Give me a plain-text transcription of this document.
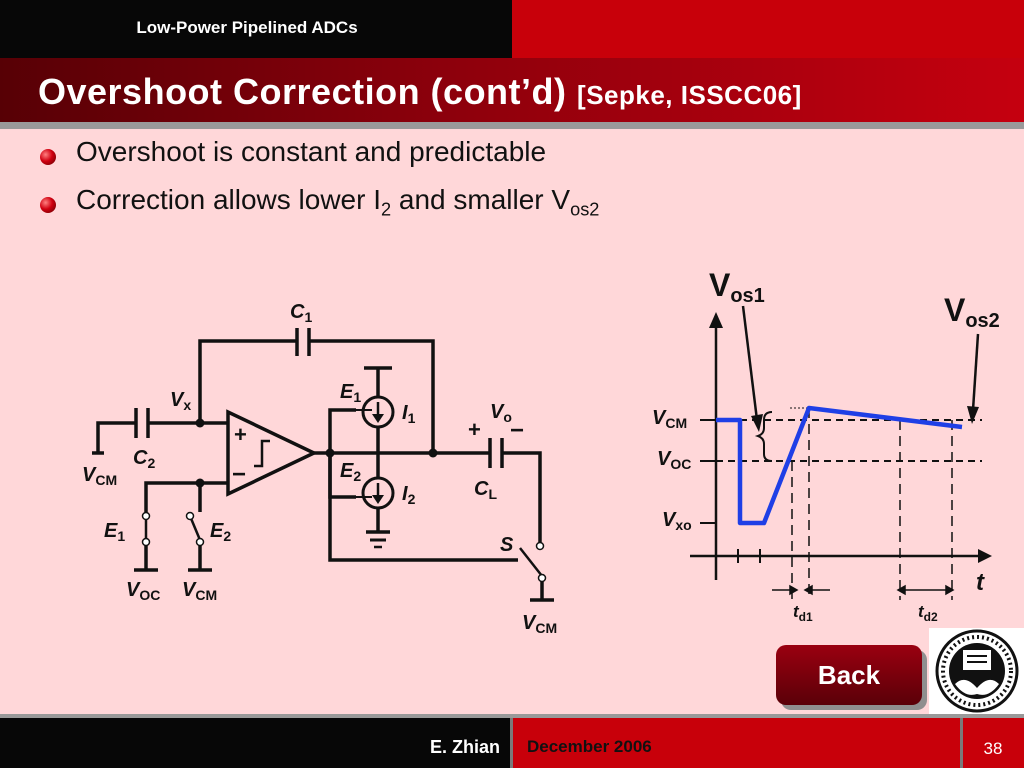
Low-Power Pipelined ADCs
Overshoot Correction (cont’d) [Sepke, ISSCC06]
Overshoot is constant and predictable
Correction allows lower $I_2$ and smaller $V_{os2}$
+
−
+ −
$C_1$
$C_2$
$V_x$
$V_{CM}$
$E_1$	$E_2$
$V_{OC}$ $V_{CM}$
$E_1$
$E_2$
$I_1$
$I_2$
$V_o$
$C_L$
S
$V_{CM}$
Vos1	Vos2
$V_{CM}$
$V_{OC}$
$V_{xo}$
t
$t_{d1}$	$t_{d2}$
Back
E. Zhian December 2006	38
